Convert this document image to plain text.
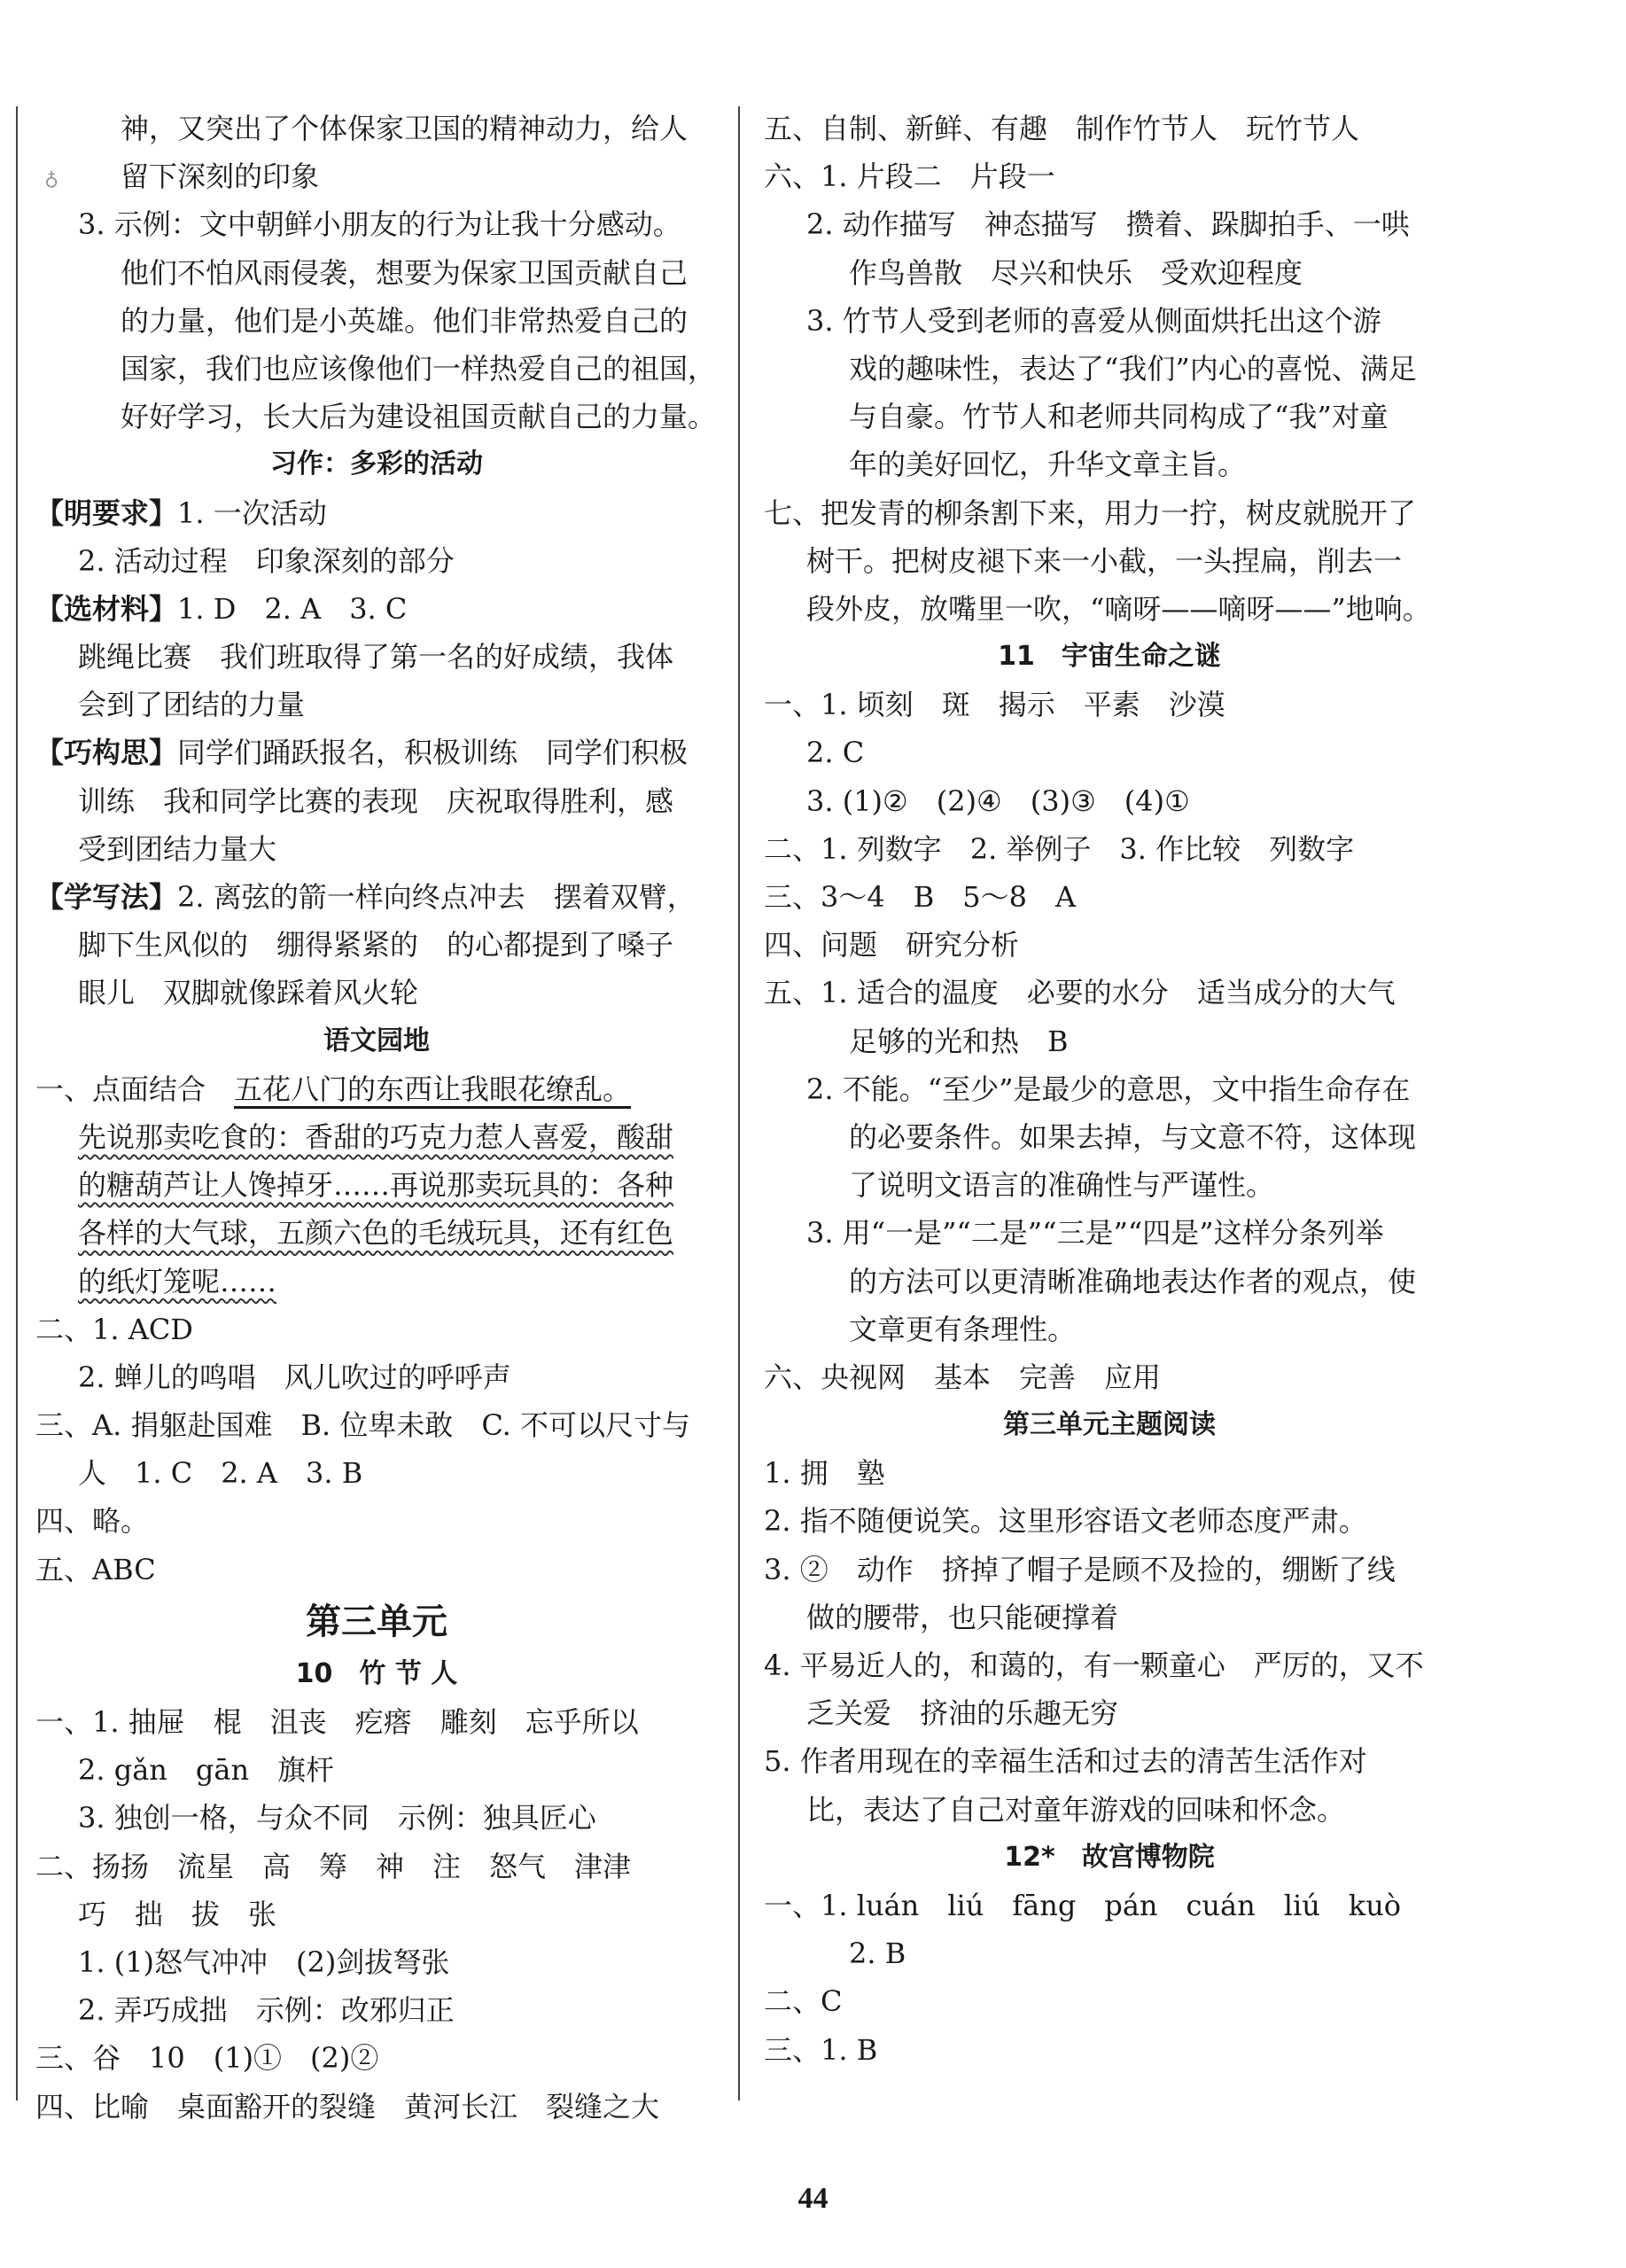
♁
神，又突出了个体保家卫国的精神动力，给人
留下深刻的印象
3. 示例：文中朝鲜小朋友的行为让我十分感动。
他们不怕风雨侵袭，想要为保家卫国贡献自己
的力量，他们是小英雄。他们非常热爱自己的
国家，我们也应该像他们一样热爱自己的祖国，
好好学习，长大后为建设祖国贡献自己的力量。
习作：多彩的活动
【明要求】1. 一次活动
2. 活动过程　印象深刻的部分
【选材料】1. D　2. A　3. C
跳绳比赛　我们班取得了第一名的好成绩，我体
会到了团结的力量
【巧构思】同学们踊跃报名，积极训练　同学们积极
训练　我和同学比赛的表现　庆祝取得胜利，感
受到团结力量大
【学写法】2. 离弦的箭一样向终点冲去　摆着双臂，
脚下生风似的　绷得紧紧的　的心都提到了嗓子
眼儿　双脚就像踩着风火轮
语文园地
一、点面结合　五花八门的东西让我眼花缭乱。
先说那卖吃食的：香甜的巧克力惹人喜爱，酸甜
的糖葫芦让人馋掉牙……再说那卖玩具的：各种
各样的大气球，五颜六色的毛绒玩具，还有红色
的纸灯笼呢……
二、1. ACD
2. 蝉儿的鸣唱　风儿吹过的呼呼声
三、A. 捐躯赴国难　B. 位卑未敢　C. 不可以尺寸与
人　1. C　2. A　3. B
四、略。
五、ABC
第三单元
10　竹 节 人
一、1. 抽屉　棍　沮丧　疙瘩　雕刻　忘乎所以
2. gǎn　gān　旗杆
3. 独创一格，与众不同　示例：独具匠心
二、扬扬　流星　高　筹　神　注　怒气　津津
巧　拙　拔　张
1. (1)怒气冲冲　(2)剑拔弩张
2. 弄巧成拙　示例：改邪归正
三、谷　10　(1)①　(2)②
四、比喻　桌面豁开的裂缝　黄河长江　裂缝之大
五、自制、新鲜、有趣　制作竹节人　玩竹节人
六、1. 片段二　片段一
2. 动作描写　神态描写　攒着、跺脚拍手、一哄
作鸟兽散　尽兴和快乐　受欢迎程度
3. 竹节人受到老师的喜爱从侧面烘托出这个游
戏的趣味性，表达了“我们”内心的喜悦、满足
与自豪。竹节人和老师共同构成了“我”对童
年的美好回忆，升华文章主旨。
七、把发青的柳条割下来，用力一拧，树皮就脱开了
树干。把树皮褪下来一小截，一头捏扁，削去一
段外皮，放嘴里一吹，“嘀呀——嘀呀——”地响。
11　宇宙生命之谜
一、1. 顷刻　斑　揭示　平素　沙漠
2. C
3. (1)②　(2)④　(3)③　(4)①
二、1. 列数字　2. 举例子　3. 作比较　列数字
三、3～4　B　5～8　A
四、问题　研究分析
五、1. 适合的温度　必要的水分　适当成分的大气
足够的光和热　B
2. 不能。“至少”是最少的意思，文中指生命存在
的必要条件。如果去掉，与文意不符，这体现
了说明文语言的准确性与严谨性。
3. 用“一是”“二是”“三是”“四是”这样分条列举
的方法可以更清晰准确地表达作者的观点，使
文章更有条理性。
六、央视网　基本　完善　应用
第三单元主题阅读
1. 拥　塾
2. 指不随便说笑。这里形容语文老师态度严肃。
3. ②　动作　挤掉了帽子是顾不及捡的，绷断了线
做的腰带，也只能硬撑着
4. 平易近人的，和蔼的，有一颗童心　严厉的，又不
乏关爱　挤油的乐趣无穷
5. 作者用现在的幸福生活和过去的清苦生活作对
比，表达了自己对童年游戏的回味和怀念。
12*　故宫博物院
一、1. luán　liú　fāng　pán　cuán　liú　kuò
2. B
二、C
三、1. B
44
